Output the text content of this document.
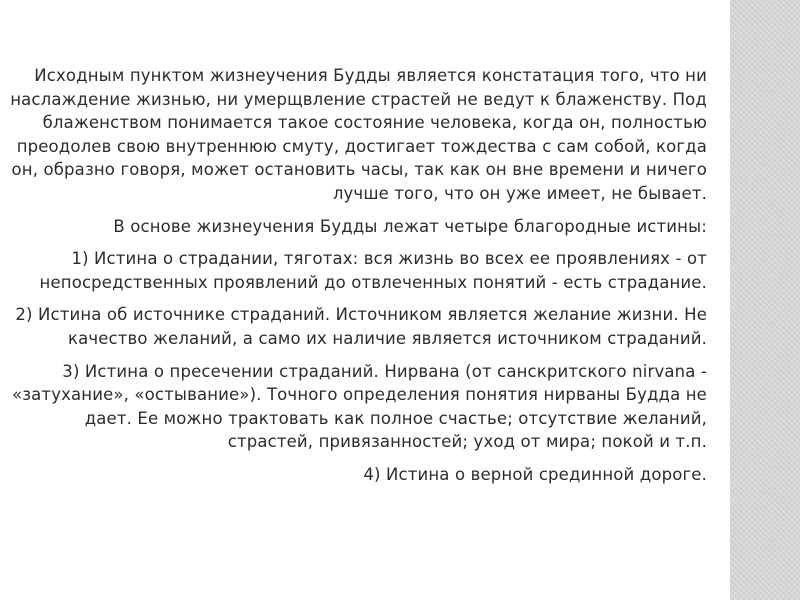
Исходным пунктом жизнеучения Будды является констатация того, что ни наслаждение жизнью, ни умерщвление страстей не ведут к блаженству. Под блаженством понимается такое состояние человека, когда он, полностью преодолев свою внутреннюю смуту, достигает тождества с сам собой, когда он, образно говоря, может остановить часы, так как он вне времени и ничего лучше того, что он уже имеет, не бывает.

В основе жизнеучения Будды лежат четыре благородные истины:

1) Истина о страдании, тяготах: вся жизнь во всех ее проявлениях - от непосредственных проявлений до отвлеченных понятий - есть страдание.

2) Истина об источнике страданий. Источником является желание жизни. Не качество желаний, а само их наличие является источником страданий.

3) Истина о пресечении страданий. Нирвана (от санскритского nirvana - «затухание», «остывание»). Точного определения понятия нирваны Будда не дает. Ее можно трактовать как полное счастье; отсутствие желаний, страстей, привязанностей; уход от мира; покой и т.п.

4) Истина о верной срединной дороге.
